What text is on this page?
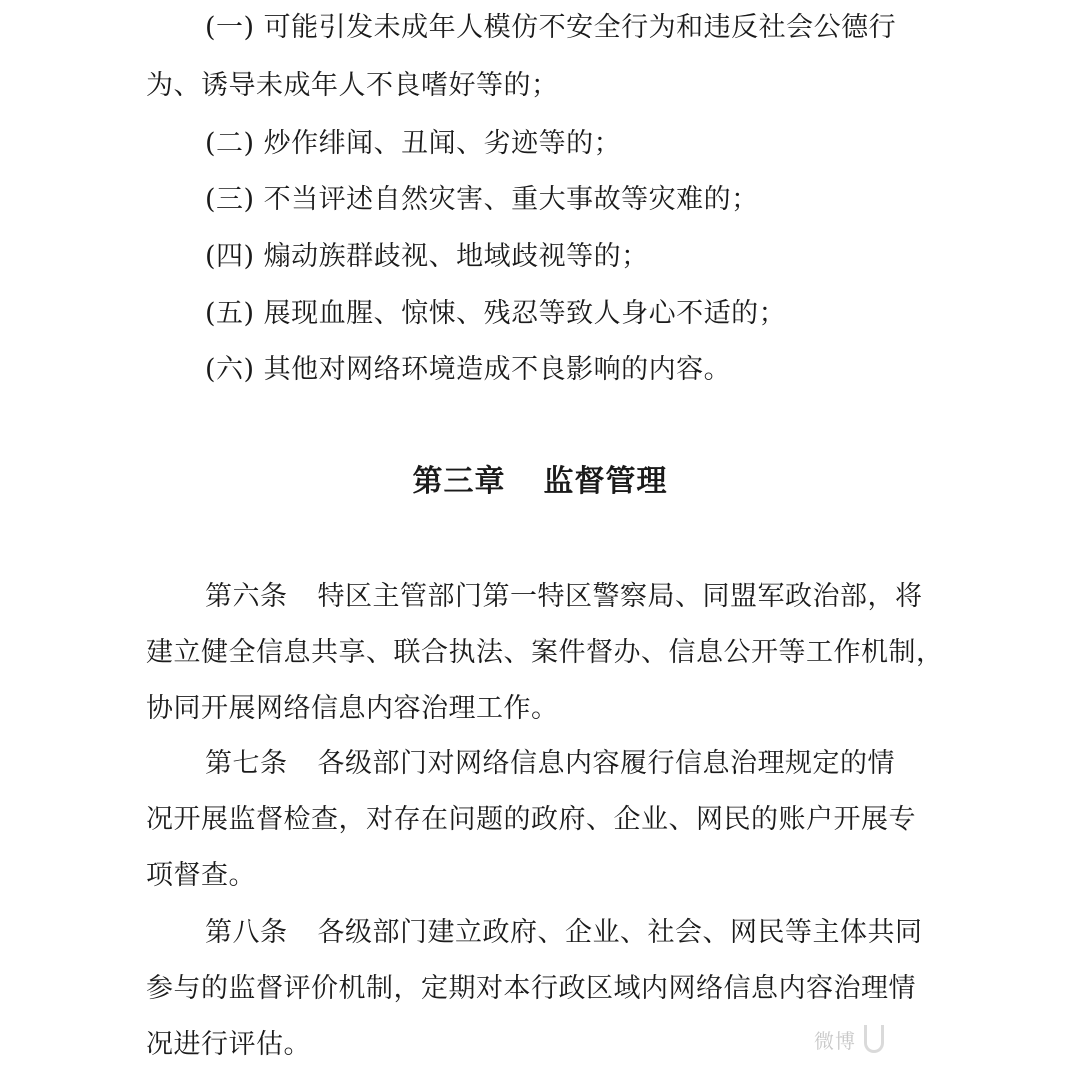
(一) 可能引发未成年人模仿不安全行为和违反社会公德行
为、诱导未成年人不良嗜好等的；
(二) 炒作绯闻、丑闻、劣迹等的；
(三) 不当评述自然灾害、重大事故等灾难的；
(四) 煽动族群歧视、地域歧视等的；
(五) 展现血腥、惊悚、残忍等致人身心不适的；
(六) 其他对网络环境造成不良影响的内容。
第三章 监督管理
第六条 特区主管部门第一特区警察局、同盟军政治部，将
建立健全信息共享、联合执法、案件督办、信息公开等工作机制，
协同开展网络信息内容治理工作。
第七条 各级部门对网络信息内容履行信息治理规定的情
况开展监督检查，对存在问题的政府、企业、网民的账户开展专
项督查。
第八条 各级部门建立政府、企业、社会、网民等主体共同
参与的监督评价机制，定期对本行政区域内网络信息内容治理情
况进行评估。	微博
